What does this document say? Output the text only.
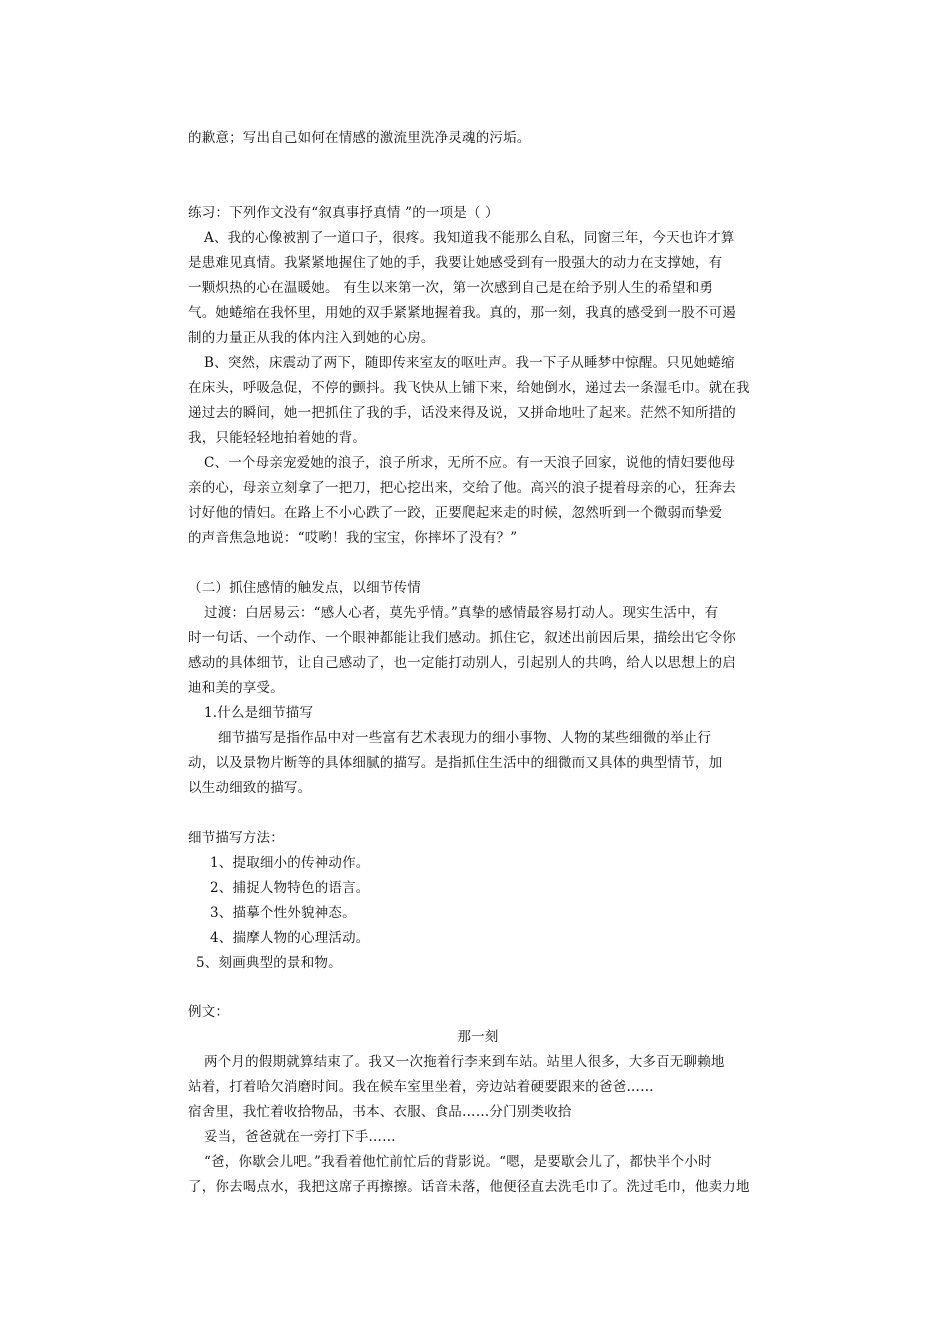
的歉意；写出自己如何在情感的激流里洗净灵魂的污垢。
练习：下列作文没有“叙真事抒真情 ”的一项是（ ）
A、我的心像被割了一道口子，很疼。我知道我不能那么自私，同窗三年，今天也许才算
是患难见真情。我紧紧地握住了她的手，我要让她感受到有一股强大的动力在支撑她，有
一颗炽热的心在温暖她。 有生以来第一次，第一次感到自己是在给予别人生的希望和勇
气。她蜷缩在我怀里，用她的双手紧紧地握着我。真的，那一刻，我真的感受到一股不可遏
制的力量正从我的体内注入到她的心房。
B、突然，床震动了两下，随即传来室友的呕吐声。我一下子从睡梦中惊醒。只见她蜷缩
在床头，呼吸急促，不停的颤抖。我飞快从上铺下来，给她倒水，递过去一条湿毛巾。就在我
递过去的瞬间，她一把抓住了我的手，话没来得及说，又拼命地吐了起来。茫然不知所措的
我，只能轻轻地拍着她的背。
C、一个母亲宠爱她的浪子，浪子所求，无所不应。有一天浪子回家，说他的情妇要他母
亲的心，母亲立刻拿了一把刀，把心挖出来，交给了他。高兴的浪子提着母亲的心，狂奔去
讨好他的情妇。在路上不小心跌了一跤，正要爬起来走的时候，忽然听到一个微弱而挚爱
的声音焦急地说：“哎哟！我的宝宝，你摔坏了没有？”
（二）抓住感情的触发点，以细节传情
过渡：白居易云：“感人心者，莫先乎情。”真挚的感情最容易打动人。现实生活中，有
时一句话、一个动作、一个眼神都能让我们感动。抓住它，叙述出前因后果，描绘出它令你
感动的具体细节，让自己感动了，也一定能打动别人，引起别人的共鸣，给人以思想上的启
迪和美的享受。
1.什么是细节描写
细节描写是指作品中对一些富有艺术表现力的细小事物、人物的某些细微的举止行
动，以及景物片断等的具体细腻的描写。是指抓住生活中的细微而又具体的典型情节，加
以生动细致的描写。
细节描写方法：
1、提取细小的传神动作。
2、捕捉人物特色的语言。
3、描摹个性外貌神态。
4、揣摩人物的心理活动。
5、刻画典型的景和物。
例文：
那一刻
两个月的假期就算结束了。我又一次拖着行李来到车站。站里人很多，大多百无聊赖地
站着，打着哈欠消磨时间。我在候车室里坐着，旁边站着硬要跟来的爸爸……
宿舍里，我忙着收拾物品，书本、衣服、食品……分门别类收拾
妥当，爸爸就在一旁打下手……
“爸，你歇会儿吧。”我看着他忙前忙后的背影说。“嗯，是要歇会儿了，都快半个小时
了，你去喝点水，我把这席子再擦擦。话音未落，他便径直去洗毛巾了。洗过毛巾，他卖力地
